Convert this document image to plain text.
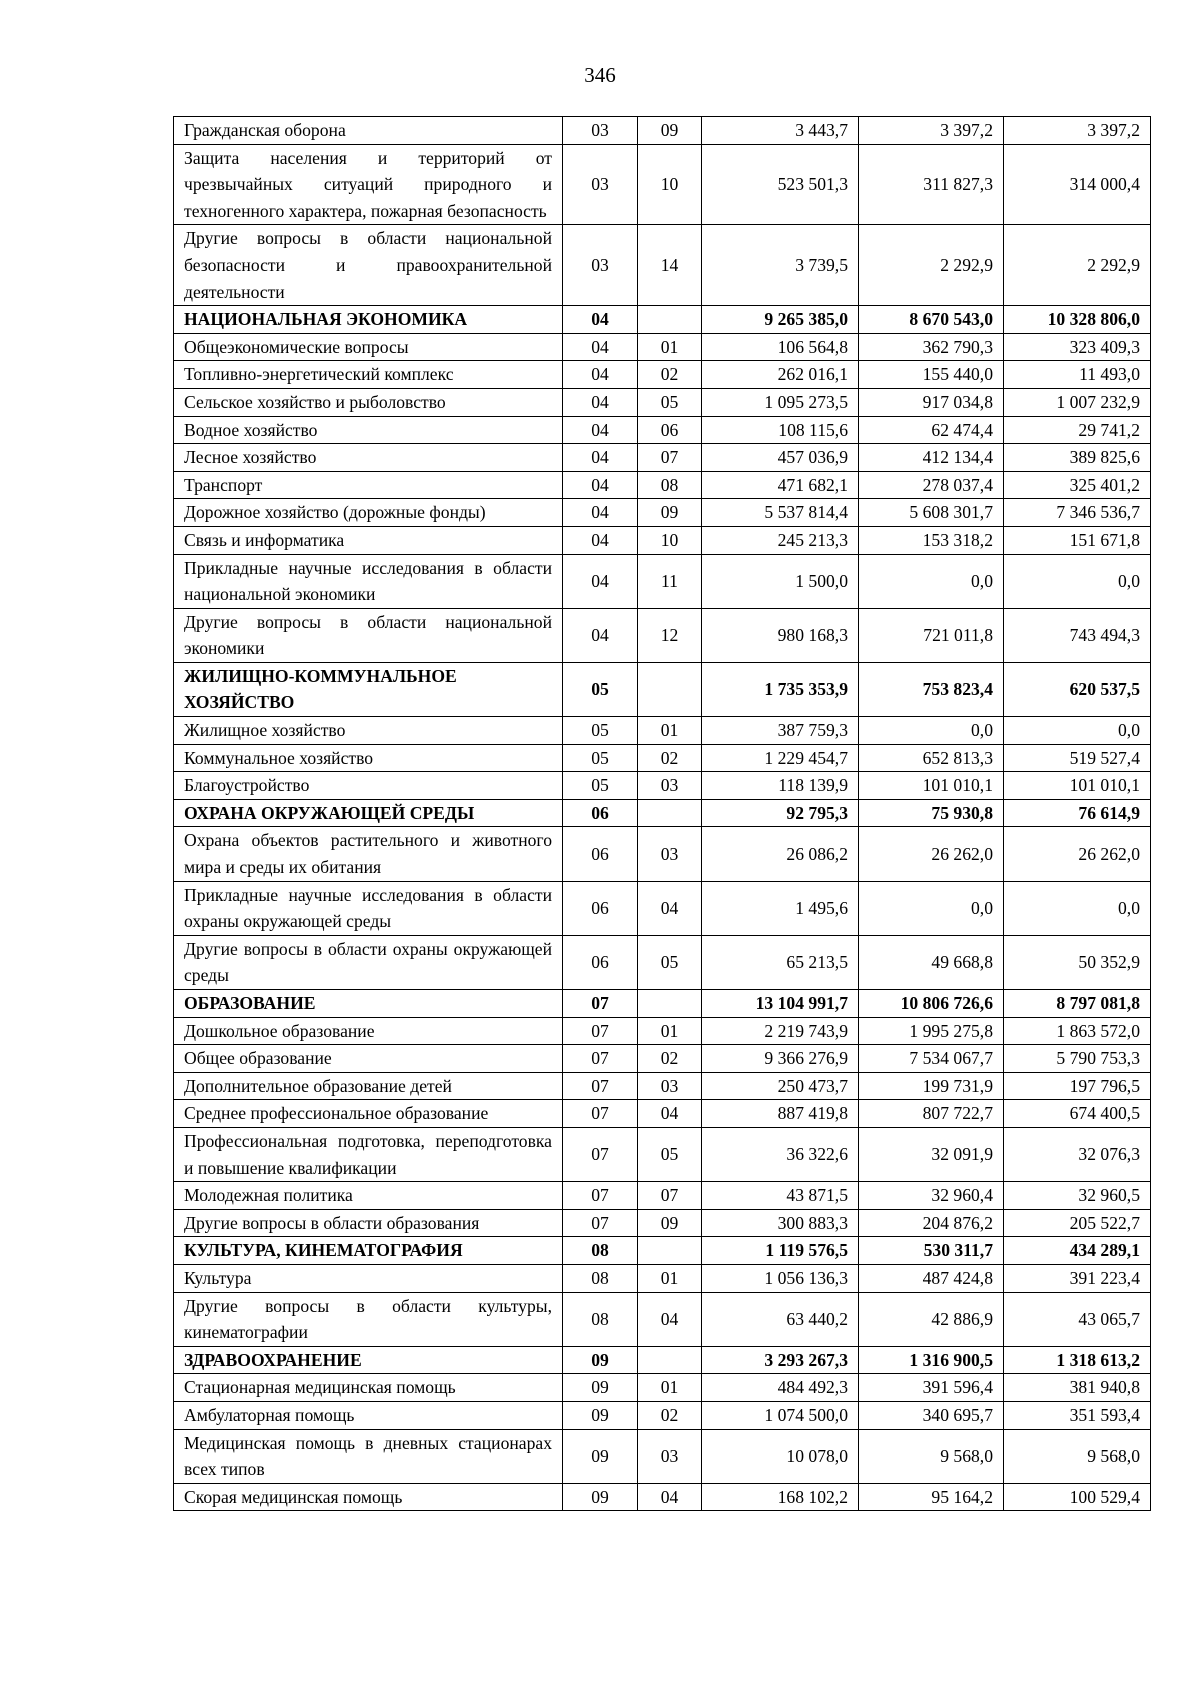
346
Гражданская оборона	03	09	3 443,7	3 397,2	3 397,2
Защита населения и территорий от чрезвычайных ситуаций природного и техногенного характера, пожарная безопасность	03	10	523 501,3	311 827,3	314 000,4
Другие вопросы в области национальной безопасности и правоохранительной деятельности	03	14	3 739,5	2 292,9	2 292,9
НАЦИОНАЛЬНАЯ ЭКОНОМИКА	04		9 265 385,0	8 670 543,0	10 328 806,0
Общеэкономические вопросы	04	01	106 564,8	362 790,3	323 409,3
Топливно-энергетический комплекс	04	02	262 016,1	155 440,0	11 493,0
Сельское хозяйство и рыболовство	04	05	1 095 273,5	917 034,8	1 007 232,9
Водное хозяйство	04	06	108 115,6	62 474,4	29 741,2
Лесное хозяйство	04	07	457 036,9	412 134,4	389 825,6
Транспорт	04	08	471 682,1	278 037,4	325 401,2
Дорожное хозяйство (дорожные фонды)	04	09	5 537 814,4	5 608 301,7	7 346 536,7
Связь и информатика	04	10	245 213,3	153 318,2	151 671,8
Прикладные научные исследования в области национальной экономики	04	11	1 500,0	0,0	0,0
Другие вопросы в области национальной экономики	04	12	980 168,3	721 011,8	743 494,3
ЖИЛИЩНО-КОММУНАЛЬНОЕ ХОЗЯЙСТВО	05		1 735 353,9	753 823,4	620 537,5
Жилищное хозяйство	05	01	387 759,3	0,0	0,0
Коммунальное хозяйство	05	02	1 229 454,7	652 813,3	519 527,4
Благоустройство	05	03	118 139,9	101 010,1	101 010,1
ОХРАНА ОКРУЖАЮЩЕЙ СРЕДЫ	06		92 795,3	75 930,8	76 614,9
Охрана объектов растительного и животного мира и среды их обитания	06	03	26 086,2	26 262,0	26 262,0
Прикладные научные исследования в области охраны окружающей среды	06	04	1 495,6	0,0	0,0
Другие вопросы в области охраны окружающей среды	06	05	65 213,5	49 668,8	50 352,9
ОБРАЗОВАНИЕ	07		13 104 991,7	10 806 726,6	8 797 081,8
Дошкольное образование	07	01	2 219 743,9	1 995 275,8	1 863 572,0
Общее образование	07	02	9 366 276,9	7 534 067,7	5 790 753,3
Дополнительное образование детей	07	03	250 473,7	199 731,9	197 796,5
Среднее профессиональное образование	07	04	887 419,8	807 722,7	674 400,5
Профессиональная подготовка, переподготовка и повышение квалификации	07	05	36 322,6	32 091,9	32 076,3
Молодежная политика	07	07	43 871,5	32 960,4	32 960,5
Другие вопросы в области образования	07	09	300 883,3	204 876,2	205 522,7
КУЛЬТУРА, КИНЕМАТОГРАФИЯ	08		1 119 576,5	530 311,7	434 289,1
Культура	08	01	1 056 136,3	487 424,8	391 223,4
Другие вопросы в области культуры, кинематографии	08	04	63 440,2	42 886,9	43 065,7
ЗДРАВООХРАНЕНИЕ	09		3 293 267,3	1 316 900,5	1 318 613,2
Стационарная медицинская помощь	09	01	484 492,3	391 596,4	381 940,8
Амбулаторная помощь	09	02	1 074 500,0	340 695,7	351 593,4
Медицинская помощь в дневных стационарах всех типов	09	03	10 078,0	9 568,0	9 568,0
Скорая медицинская помощь	09	04	168 102,2	95 164,2	100 529,4
